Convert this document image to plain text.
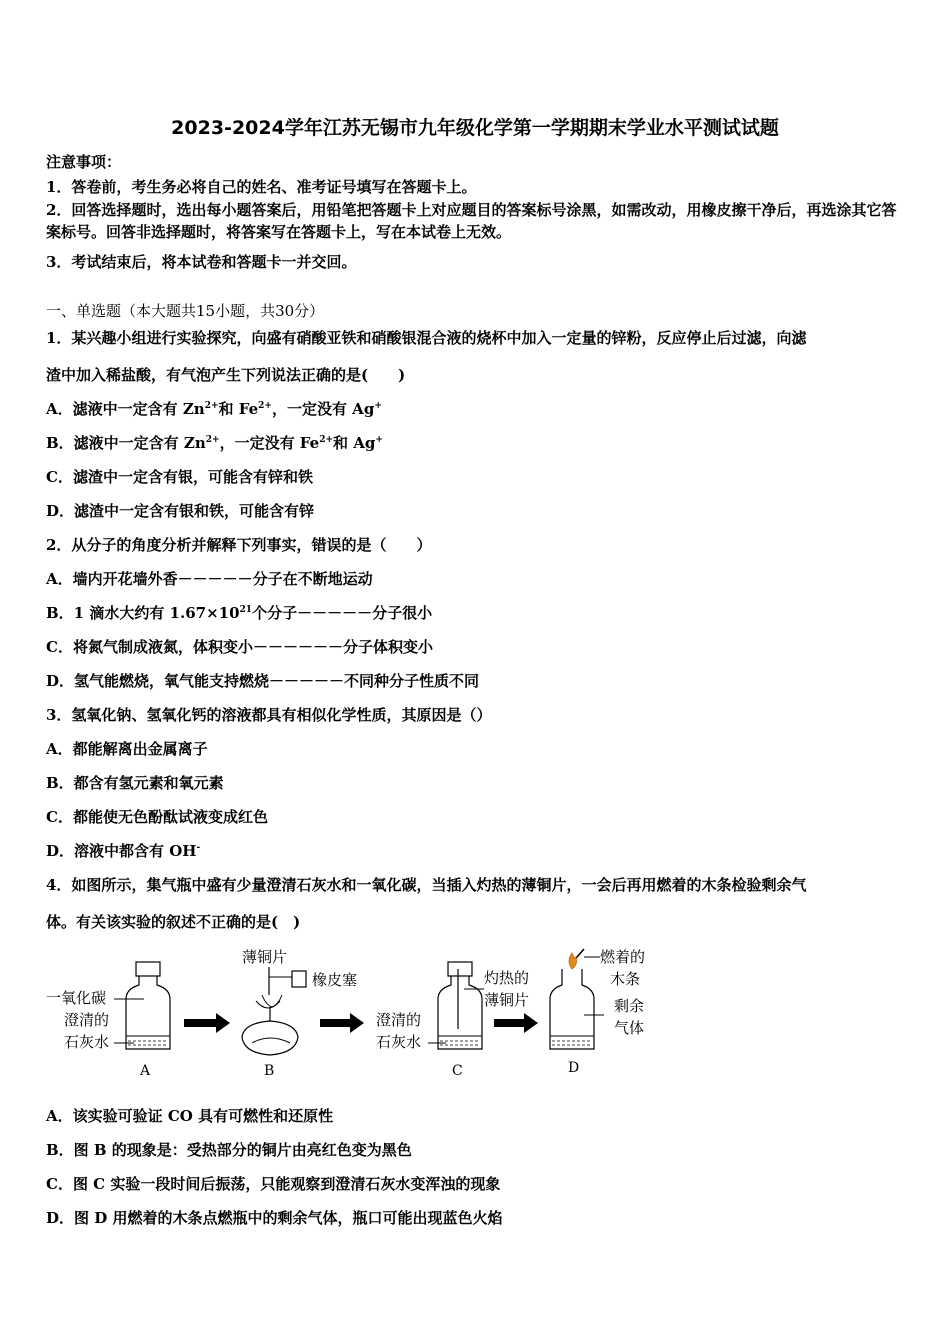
2023-2024学年江苏无锡市九年级化学第一学期期末学业水平测试试题
注意事项：
1．答卷前，考生务必将自己的姓名、准考证号填写在答题卡上。
2．回答选择题时，选出每小题答案后，用铅笔把答题卡上对应题目的答案标号涂黑，如需改动，用橡皮擦干净后，再选涂其它答案标号。回答非选择题时，将答案写在答题卡上，写在本试卷上无效。
3．考试结束后，将本试卷和答题卡一并交回。
一、单选题（本大题共15小题，共30分）
1．某兴趣小组进行实验探究，向盛有硝酸亚铁和硝酸银混合液的烧杯中加入一定量的锌粉，反应停止后过滤，向滤
渣中加入稀盐酸，有气泡产生下列说法正确的是(　　)
A．滤液中一定含有 $Zn^{2+}$和 $Fe^{2+}$，一定没有 Ag+
B．滤液中一定含有 $Zn^{2+}$，一定没有 $Fe^{2+}$和 Ag+
C．滤渣中一定含有银，可能含有锌和铁
D．滤渣中一定含有银和铁，可能含有锌
2．从分子的角度分析并解释下列事实，错误的是（　　）
A．墙内开花墙外香－－－－－分子在不断地运动
B．1 滴水大约有 $1.67\times 10^{21}$个分子－－－－－分子很小
C．将氮气制成液氮，体积变小－－－－－－分子体积变小
D．氢气能燃烧，氧气能支持燃烧－－－－－不同种分子性质不同
3．氢氧化钠、氢氧化钙的溶液都具有相似化学性质，其原因是（）
A．都能解离出金属离子
B．都含有氢元素和氧元素
C．都能使无色酚酞试液变成红色
D．溶液中都含有 OH-
4．如图所示，集气瓶中盛有少量澄清石灰水和一氧化碳，当插入灼热的薄铜片，一会后再用燃着的木条检验剩余气
体。有关该实验的叙述不正确的是(　)
一氧化碳
澄清的
石灰水
A
薄铜片
橡皮塞
B
澄清的
石灰水
灼热的
薄铜片
C
燃着的
木条
剩余
气体
D
A．该实验可验证 CO 具有可燃性和还原性
B．图 B 的现象是：受热部分的铜片由亮红色变为黑色
C．图 C 实验一段时间后振荡，只能观察到澄清石灰水变浑浊的现象
D．图 D 用燃着的木条点燃瓶中的剩余气体，瓶口可能出现蓝色火焰
